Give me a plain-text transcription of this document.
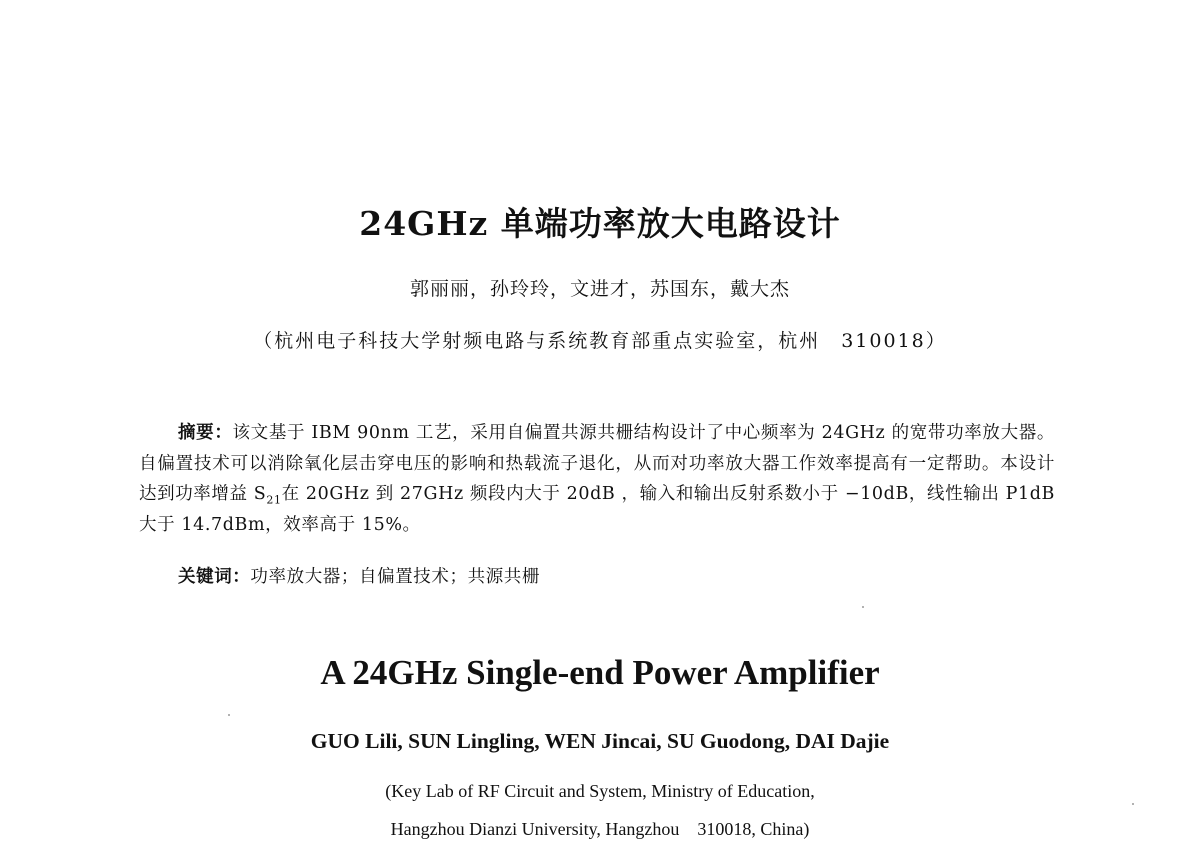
24GHz 单端功率放大电路设计
郭丽丽，孙玲玲，文进才，苏国东，戴大杰
（杭州电子科技大学射频电路与系统教育部重点实验室，杭州　310018）
摘要：该文基于 IBM 90nm 工艺，采用自偏置共源共栅结构设计了中心频率为 24GHz 的宽带功率放大器。自偏置技术可以消除氧化层击穿电压的影响和热载流子退化，从而对功率放大器工作效率提高有一定帮助。本设计达到功率增益 $S_{21}$在 20GHz 到 27GHz 频段内大于 20dB ，输入和输出反射系数小于 −10dB，线性输出 P1dB 大于 14.7dBm，效率高于 15%。
关键词：功率放大器；自偏置技术；共源共栅
A 24GHz Single-end Power Amplifier
GUO Lili, SUN Lingling, WEN Jincai, SU Guodong, DAI Dajie
(Key Lab of RF Circuit and System, Ministry of Education,
Hangzhou Dianzi University, Hangzhou　310018, China)
